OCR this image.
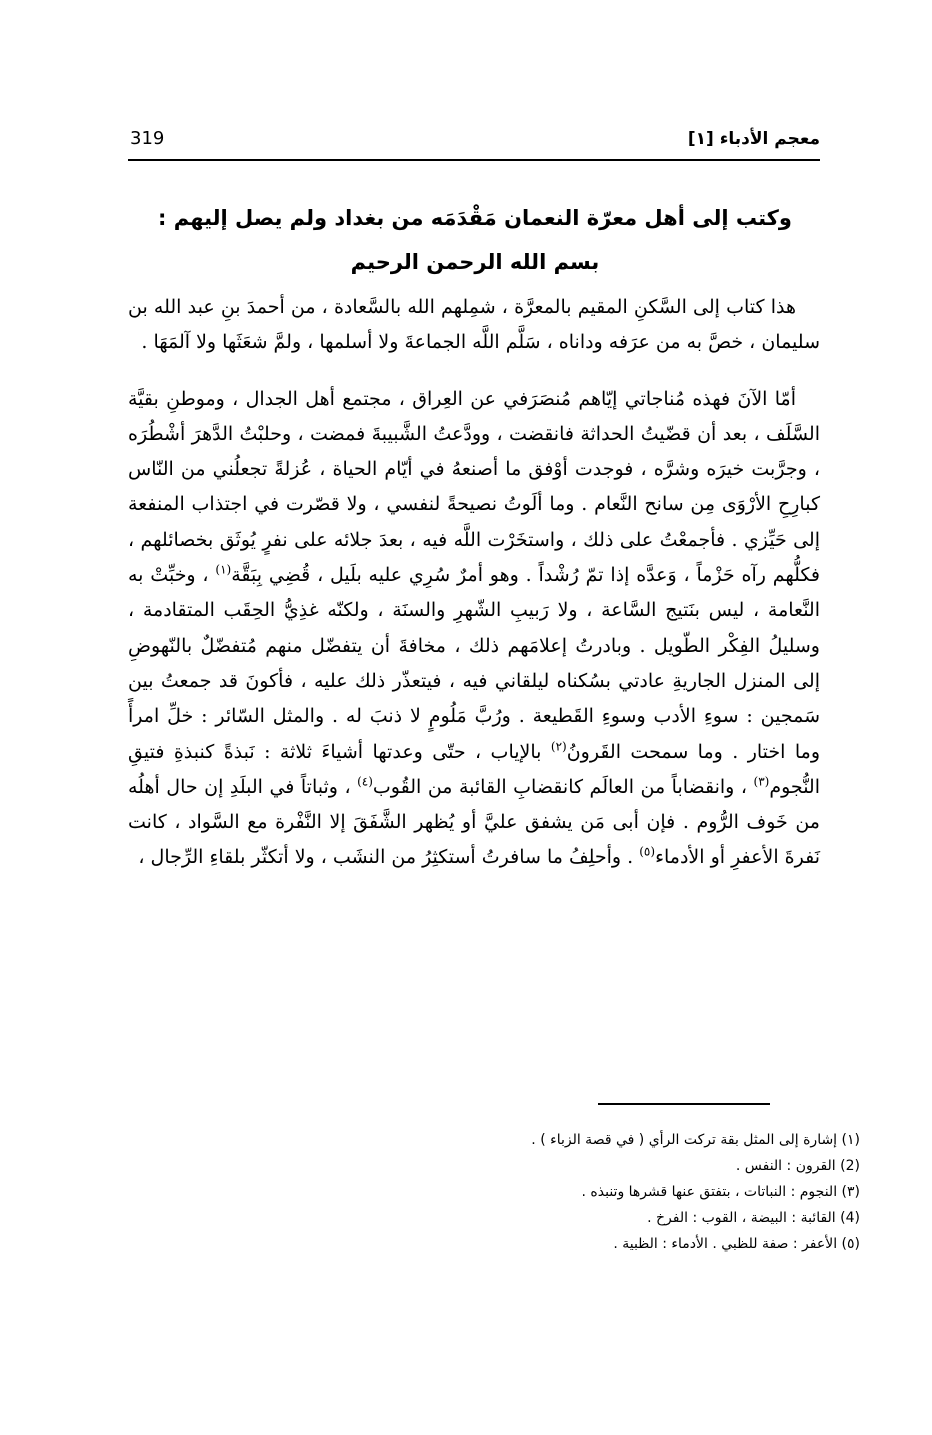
معجم الأدباء [١]
319
وكتب إلى أهل معرّة النعمان مَقْدَمَه من بغداد ولم يصل إليهم :
بسم الله الرحمن الرحيم

هذا كتاب إلى السَّكنِ المقيم بالمعرَّة ، شمِلهم الله بالسَّعادة ، من أحمدَ بنِ عبد الله بن سليمان ، خصَّ به من عرَفه وداناه ، سَلَّم اللَّه الجماعةَ ولا أسلمها ، ولمَّ شعَثَها ولا آلمَهَا .

أمّا الآنَ فهذه مُناجاتي إيّاهم مُنصَرَفي عن العِراق ، مجتمع أهل الجدال ، وموطنِ بقيَّة السَّلَف ، بعد أن قضّيتُ الحداثة فانقضت ، وودَّعتُ الشَّبيبةَ فمضت ، وحلبْتُ الدَّهرَ أشْطُرَه ، وجرَّبت خيرَه وشرَّه ، فوجدت أوْفق ما أصنعهُ في أيّام الحياة ، عُزلةً تجعلُني من النّاس كبارِحِ الأرْوَى مِن سانح النَّعام . وما ألَوتُ نصيحةً لنفسي ، ولا قصّرت في اجتذاب المنفعة إلى حَيِّزي . فأجمعْتُ على ذلك ، واستخَرْت اللَّه فيه ، بعدَ جلائه على نفرٍ يُوثَق بخصائلهم ، فكلُّهم رآه حَزْماً ، وَعدَّه إذا تمّ رُشْداً . وهو أمرٌ سُرِي عليه بلَيل ، قُضِي بِبَقَّة$^{(١)}$ ، وخبِّتْ به النَّعامة ، ليس بنَتيج السَّاعة ، ولا رَبيبِ الشّهرِ والسنَة ، ولكنّه غذِيُّ الحِقَب المتقادمة ، وسليلُ الفِكْر الطّويل . وبادرتُ إعلامَهم ذلك ، مخافةَ أن يتفضّل منهم مُتفضّلٌ بالنّهوضِ إلى المنزل الجاريةِ عادتي بسُكناه ليلقاني فيه ، فيتعذّر ذلك عليه ، فأكونَ قد جمعتُ بين سَمجين : سوءِ الأدب وسوءِ القَطيعة . ورُبَّ مَلُومٍ لا ذنبَ له . والمثل السّائر : خلِّ امرأً وما اختار . وما سمحت القَرونُ$^{(٢)}$ بالإياب ، حتّى وعدتها أشياءَ ثلاثة : نَبذةً كنبذةِ فتيقِ النُّجوم$^{(٣)}$ ، وانقضاباً من العالَم كانقضابِ القائبة من القُوب$^{(٤)}$ ، وثباتاً في البلَدِ إن حال أهلُه من خَوف الرُّوم . فإن أبى مَن يشفق عليَّ أو يُظهر الشَّفَقَ إلا النَّفْرة مع السَّواد ، كانت نَفرةَ الأعفرِ أو الأدماء$^{(٥)}$ . وأحلِفُ ما سافرتُ أستكثِرُ من النشَب ، ولا أتكثّر بلقاءِ الرِّجال ،

(١) إشارة إلى المثل بقة تركت الرأي ( في قصة الزباء ) .
(2) القرون : النفس .
(٣) النجوم : النباتات ، بتفتق عنها قشرها وتنبذه .
(4) القائبة : البيضة ، القوب : الفرخ .
(٥) الأعفر : صفة للظبي . الأدماء : الظبية .
